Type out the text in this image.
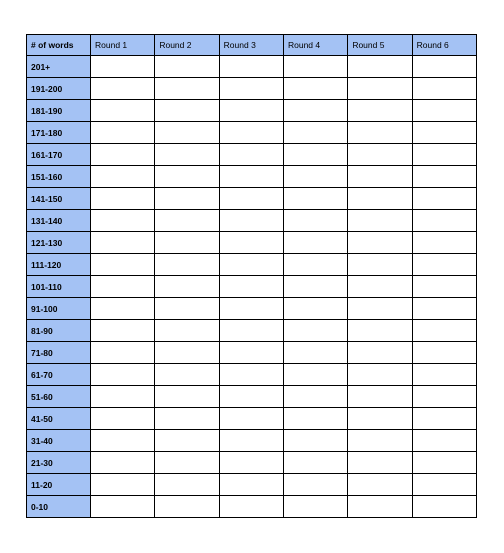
# of words	Round 1	Round 2	Round 3	Round 4	Round 5	Round 6
201+						
191-200						
181-190						
171-180						
161-170						
151-160						
141-150						
131-140						
121-130						
111-120						
101-110						
91-100						
81-90						
71-80						
61-70						
51-60						
41-50						
31-40						
21-30						
11-20						
0-10						
